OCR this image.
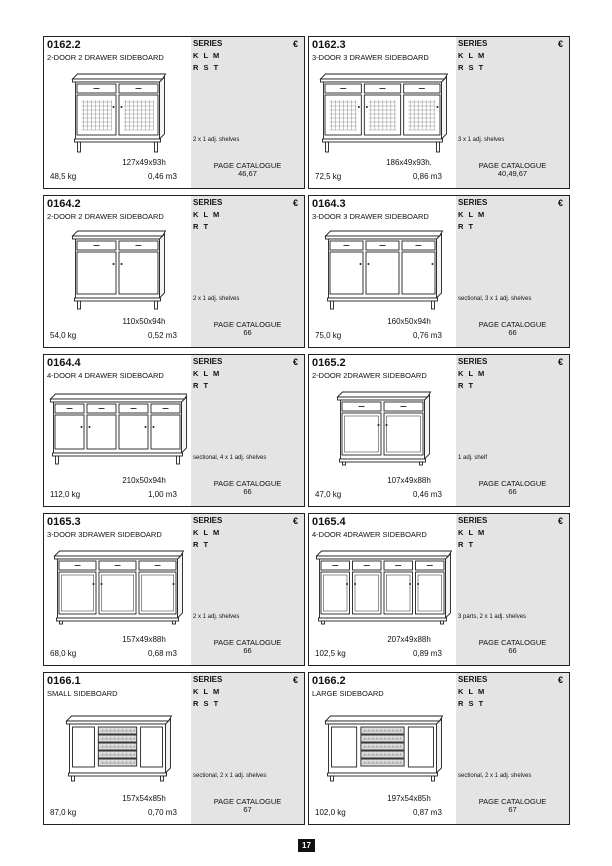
0162.2
2-DOOR 2 DRAWER SIDEBOARD
127x49x93h
48,5 kg	0,46 m3
SERIES
K L M
R S T
€
2 x 1 adj. shelves
PAGE CATALOGUE
46,67
0162.3
3-DOOR 3 DRAWER SIDEBOARD
186x49x93h.
72,5 kg	0,86 m3
SERIES
K L M
R S T
€
3 x 1 adj. shelves
PAGE CATALOGUE
40,49,67
0164.2
2-DOOR 2 DRAWER SIDEBOARD
110x50x94h
54,0 kg	0,52 m3
SERIES
K L M
R T
€
2 x 1 adj. shelves
PAGE CATALOGUE
66
0164.3
3-DOOR 3 DRAWER SIDEBOARD
160x50x94h
75,0 kg	0,76 m3
SERIES
K L M
R T
€
sectional, 3 x 1 adj. shelves
PAGE CATALOGUE
66
0164.4
4-DOOR 4 DRAWER SIDEBOARD
210x50x94h
112,0 kg	1,00 m3
SERIES
K L M
R T
€
sectional, 4 x 1 adj. shelves
PAGE CATALOGUE
66
0165.2
2-DOOR 2DRAWER SIDEBOARD
107x49x88h
47,0 kg	0,46 m3
SERIES
K L M
R T
€
1 adj. shelf
PAGE CATALOGUE
66
0165.3
3-DOOR 3DRAWER SIDEBOARD
157x49x88h
68,0 kg	0,68 m3
SERIES
K L M
R T
€
2 x 1 adj. shelves
PAGE CATALOGUE
66
0165.4
4-DOOR 4DRAWER SIDEBOARD
207x49x88h
102,5 kg	0,89 m3
SERIES
K L M
R T
€
3 parts, 2 x 1 adj. shelves
PAGE CATALOGUE
66
0166.1
SMALL SIDEBOARD
157x54x85h
87,0 kg	0,70 m3
SERIES
K L M
R S T
€
sectional, 2 x 1 adj. shelves
PAGE CATALOGUE
67
0166.2
LARGE SIDEBOARD
197x54x85h
102,0 kg	0,87 m3
SERIES
K L M
R S T
€
sectional, 2 x 1 adj. shelves
PAGE CATALOGUE
67
17
